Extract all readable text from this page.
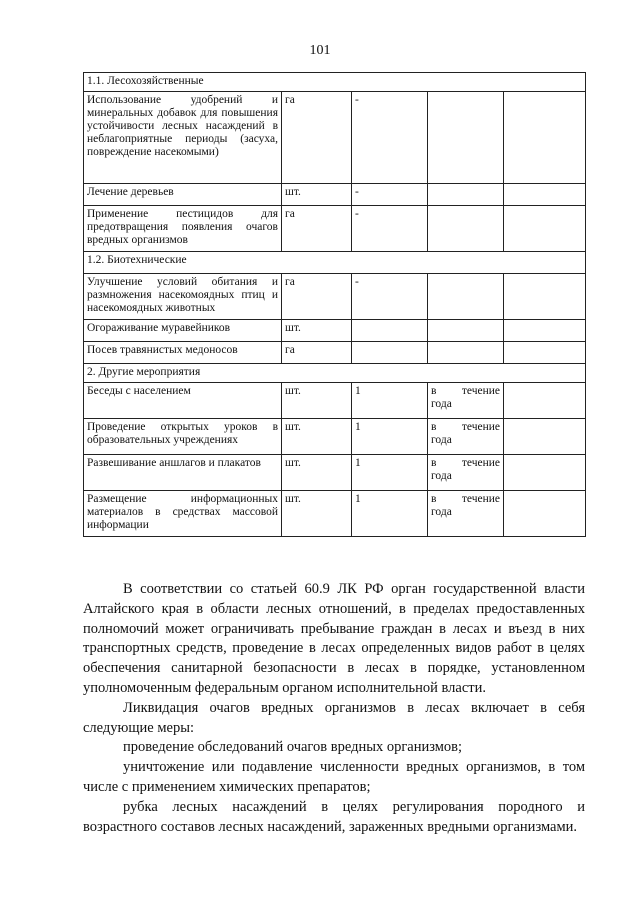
101
1.1. Лесохозяйственные				
Использование удобрений и минеральных добавок для повышения устойчивости лесных насаждений в неблагоприятные периоды (засуха, повреждение насекомыми)	га	-		
Лечение деревьев	шт.	-		
Применение пестицидов для предотвращения появления очагов вредных организмов	га	-		
1.2. Биотехнические				
Улучшение условий обитания и размножения насекомоядных птиц и насекомоядных животных	га	-		
Огораживание муравейников	шт.			
Посев травянистых медоносов	га			
2. Другие мероприятия				
Беседы с населением	шт.	1	в течение года	
Проведение открытых уроков в образовательных учреждениях	шт.	1	в течение года	
Развешивание аншлагов и плакатов	шт.	1	в течение года	
Размещение информационных материалов в средствах массовой информации	шт.	1	в течение года	

В соответствии со статьей 60.9 ЛК РФ орган государственной власти Алтайского края в области лесных отношений, в пределах предоставленных полномочий может ограничивать пребывание граждан в лесах и въезд в них транспортных средств, проведение в лесах определенных видов работ в целях обеспечения санитарной безопасности в лесах в порядке, установленном уполномоченным федеральным органом исполнительной власти.

Ликвидация очагов вредных организмов в лесах включает в себя следующие меры:

проведение обследований очагов вредных организмов;

уничтожение или подавление численности вредных организмов, в том числе с применением химических препаратов;

рубка лесных насаждений в целях регулирования породного и возрастного составов лесных насаждений, зараженных вредными организмами.
